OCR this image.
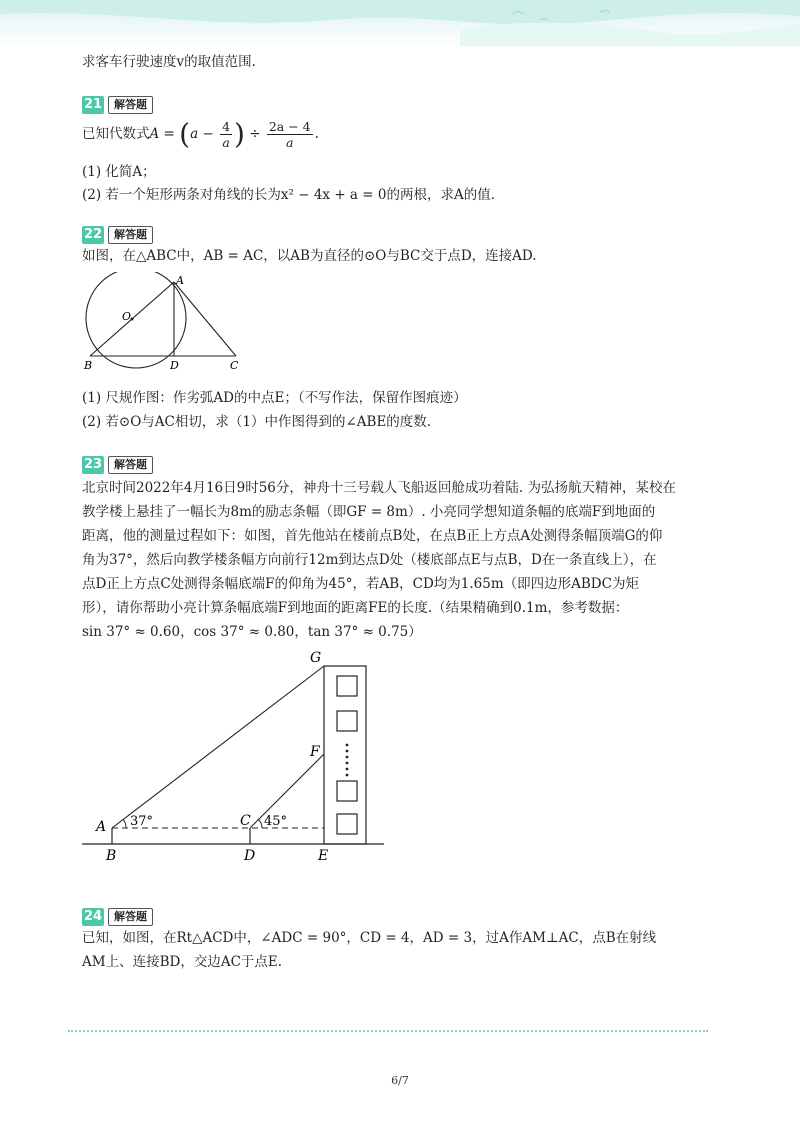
求客车行驶速度v的取值范围.
21	解答题
已知代数式$A = (a - \frac{4}{a}$ ) ÷ $\frac{2a - 4}{a}$ .
(1) 化简A；
(2) 若一个矩形两条对角线的长为x² − 4x + a = 0的两根，求A的值.
22	解答题
如图，在△ABC中，AB = AC，以AB为直径的⊙O与BC交于点D，连接AD.
A
O
B	D	C
(1) 尺规作图：作劣弧AD的中点E；（不写作法，保留作图痕迹）
(2) 若⊙O与AC相切，求（1）中作图得到的∠ABE的度数.
23	解答题
北京时间2022年4月16日9时56分，神舟十三号载人飞船返回舱成功着陆. 为弘扬航天精神，某校在
教学楼上悬挂了一幅长为8m的励志条幅（即GF = 8m）. 小亮同学想知道条幅的底端F到地面的
距离，他的测量过程如下：如图，首先他站在楼前点B处，在点B正上方点A处测得条幅顶端G的仰
角为37°，然后向教学楼条幅方向前行12m到达点D处（楼底部点E与点B，D在一条直线上），在
点D正上方点C处测得条幅底端F的仰角为45°，若AB，CD均为1.65m（即四边形ABDC为矩
形），请你帮助小亮计算条幅底端F到地面的距离FE的长度.（结果精确到0.1m，参考数据：
sin 37° ≈ 0.60，cos 37° ≈ 0.80，tan 37° ≈ 0.75）
G
F
A	C
B	D	E
37°	45°
24	解答题
已知，如图，在Rt△ACD中，∠ADC = 90°，CD = 4，AD = 3，过A作AM⊥AC，点B在射线
AM上、连接BD，交边AC于点E.
6/7
